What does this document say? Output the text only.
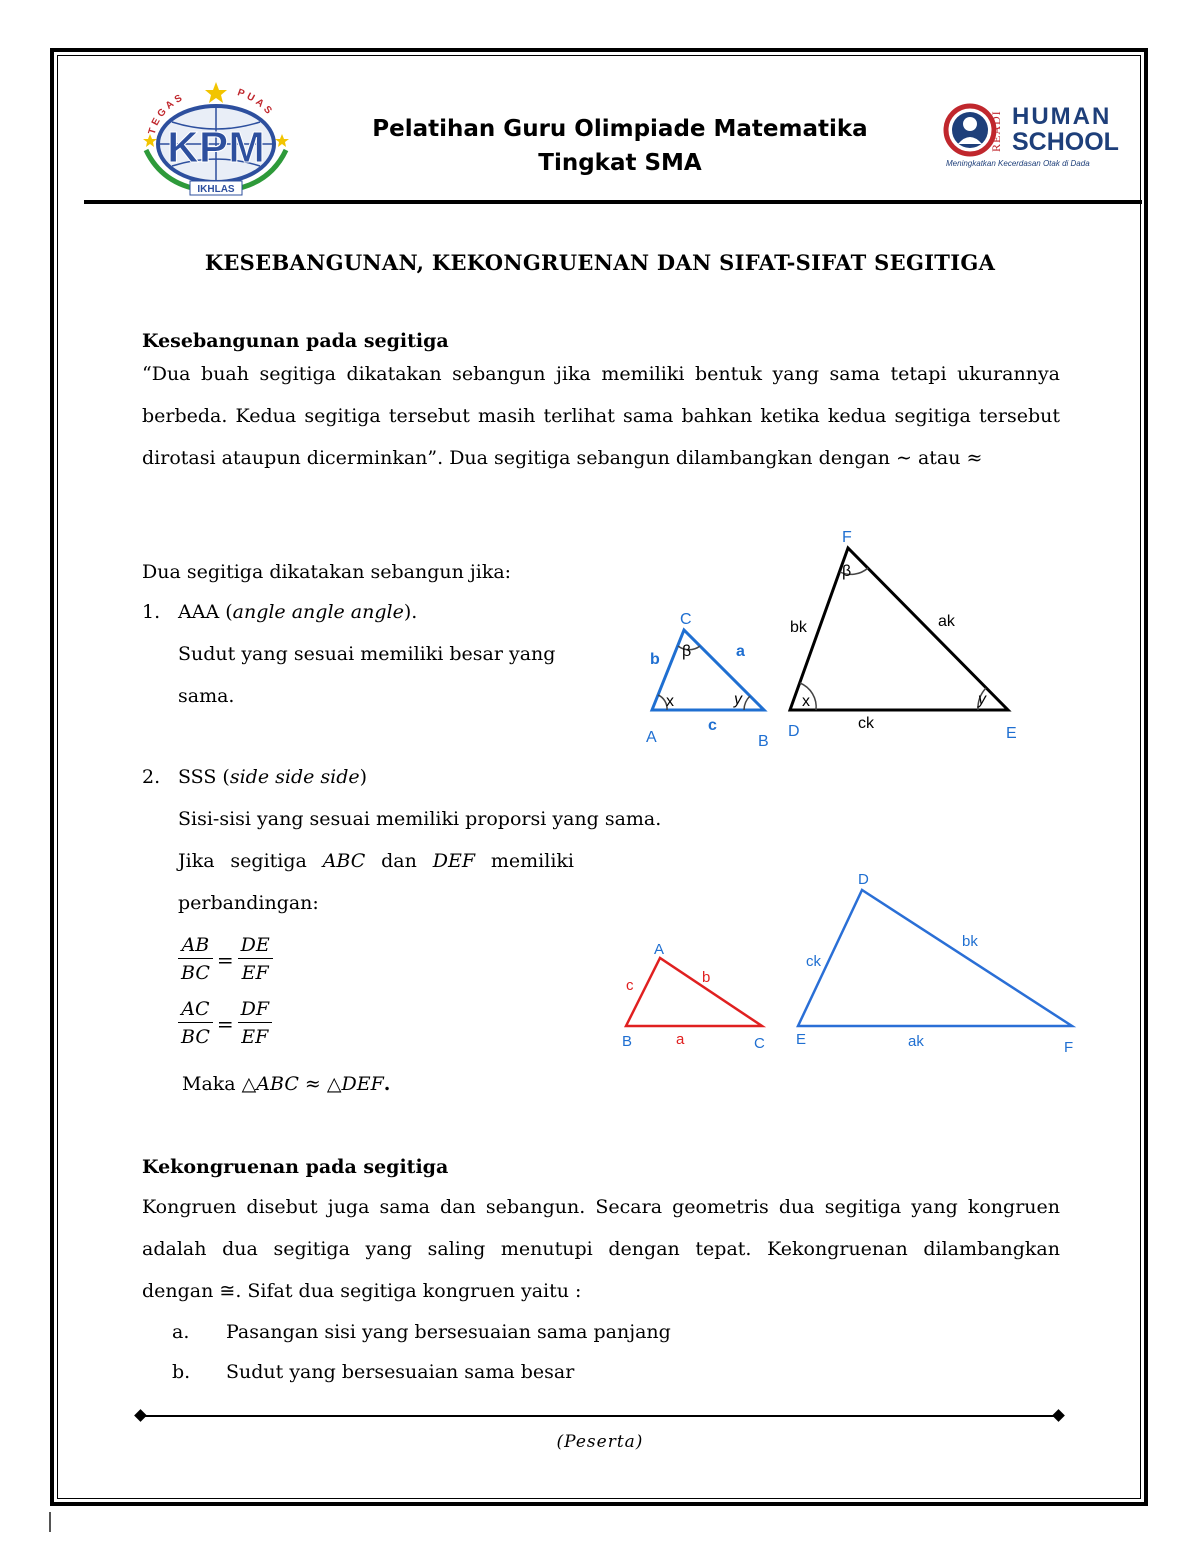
TEGAS	PUAS
KPM
IKHLAS
Pelatihan Guru Olimpiade Matematika
Tingkat SMA
READI HUMAN
SCHOOL
Meningkatkan Kecerdasan Otak di Dada
KESEBANGUNAN, KEKONGRUENAN DAN SIFAT-SIFAT SEGITIGA
Kesebangunan pada segitiga
“Dua buah segitiga dikatakan sebangun jika memiliki bentuk yang sama tetapi ukurannya
berbeda. Kedua segitiga tersebut masih terlihat sama bahkan ketika kedua segitiga tersebut
dirotasi ataupun dicerminkan”. Dua segitiga sebangun dilambangkan dengan ∼ atau ≈
Dua segitiga dikatakan sebangun jika:
1. AAA (angle angle angle).
Sudut yang sesuai memiliki besar yang
sama.
C
A	B
b	a
c
x	y
β
F
D	E
bk	ak
ck
x	y
β
2. SSS (side side side)
Sisi-sisi yang sesuai memiliki proporsi yang sama.
Jika segitiga ABC dan DEF memiliki
perbandingan:
$\frac{AB}{BC} = \frac{DE}{EF}$
$\frac{AC}{BC} = \frac{DF}{EF}$
Maka △ABC ≈ △DEF.
A
B	C
c	b
a
D
E	F
ck
bk
ak
Kekongruenan pada segitiga
Kongruen disebut juga sama dan sebangun. Secara geometris dua segitiga yang kongruen
adalah dua segitiga yang saling menutupi dengan tepat. Kekongruenan dilambangkan
dengan ≅. Sifat dua segitiga kongruen yaitu :
a. Pasangan sisi yang bersesuaian sama panjang
b. Sudut yang bersesuaian sama besar
(Peserta)
